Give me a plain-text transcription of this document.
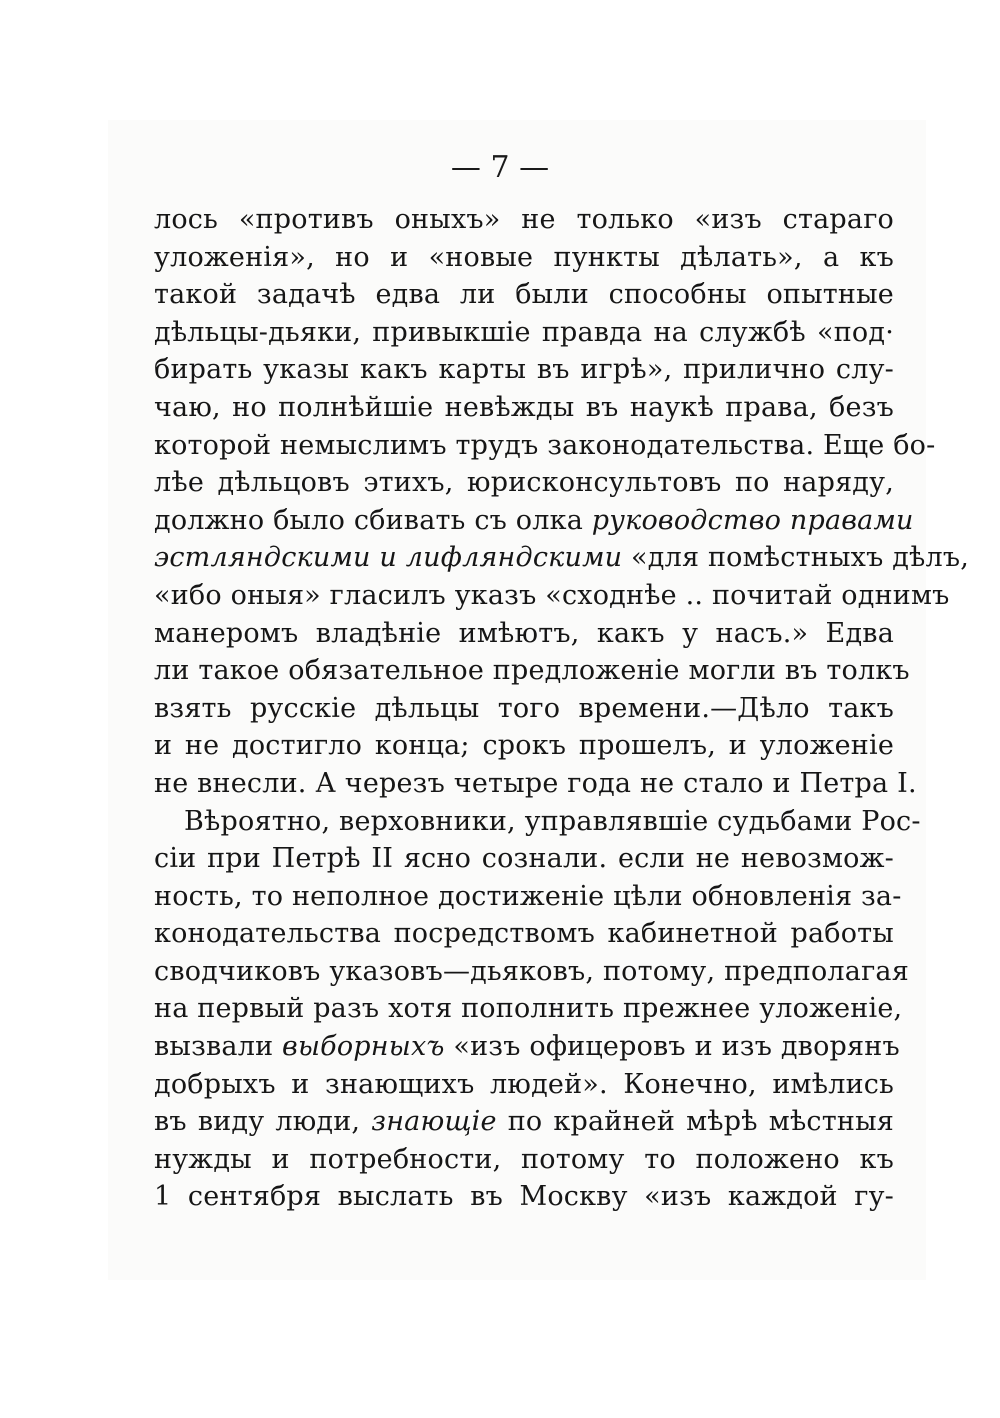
— 7 —
лось «противъ оныхъ» не только «изъ стараго
уложенія», но и «новые пункты дѣлать», а къ
такой задачѣ едва ли были способны опытные
дѣльцы-дьяки, привыкшіе правда на службѣ «под·
бирать указы какъ карты въ игрѣ», прилично слу-
чаю, но полнѣйшіе невѣжды въ наукѣ права, безъ
которой немыслимъ трудъ законодательства. Еще бо-
лѣе дѣльцовъ этихъ, юрисконсультовъ по наряду,
должно было сбивать съ олка руководство правами
эстляндскими и лифляндскими «для помѣстныхъ дѣлъ,
«ибо оныя» гласилъ указъ «сходнѣе .. почитай однимъ
манеромъ владѣніе имѣютъ, какъ у насъ.» Едва
ли такое обязательное предложеніе могли въ толкъ
взять русскіе дѣльцы того времени.—Дѣло такъ
и не достигло конца; срокъ прошелъ, и уложеніе
не внесли. А черезъ четыре года не стало и Петра I.
Вѣроятно, верховники, управлявшіе судьбами Рос-
сіи при Петрѣ II ясно сознали. если не невозмож-
ность, то неполное достиженіе цѣли обновленія за-
конодательства посредствомъ кабинетной работы
сводчиковъ указовъ—дьяковъ, потому, предполагая
на первый разъ хотя пополнить прежнее уложеніе,
вызвали выборныхъ «изъ офицеровъ и изъ дворянъ
добрыхъ и знающихъ людей». Конечно, имѣлись
въ виду люди, знающіе по крайней мѣрѣ мѣстныя
нужды и потребности, потому то положено къ
1 сентября выслать въ Москву «изъ каждой гу-
